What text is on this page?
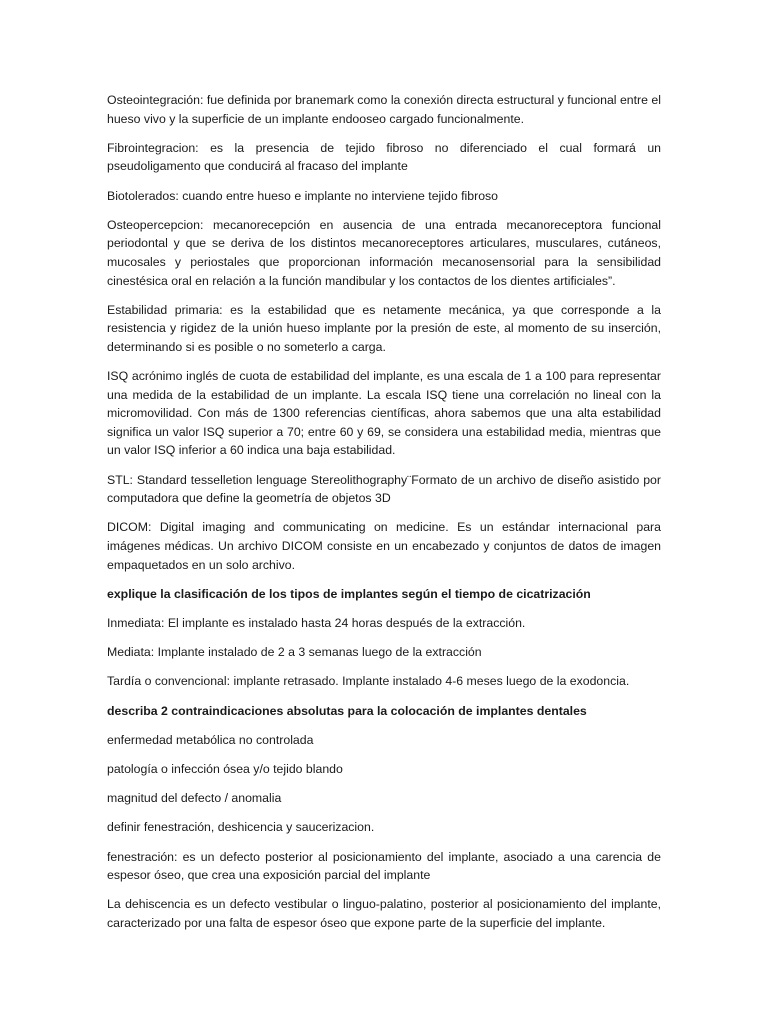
Osteointegración: fue definida por branemark como la conexión directa estructural y funcional entre el hueso vivo y la superficie de un implante endooseo cargado funcionalmente.

Fibrointegracion: es la presencia de tejido fibroso no diferenciado el cual formará un pseudoligamento que conducirá al fracaso del implante

Biotolerados: cuando entre hueso e implante no interviene tejido fibroso

Osteopercepcion: mecanorecepción en ausencia de una entrada mecanoreceptora funcional periodontal y que se deriva de los distintos mecanoreceptores articulares, musculares, cutáneos, mucosales y periostales que proporcionan información mecanosensorial para la sensibilidad cinestésica oral en relación a la función mandibular y los contactos de los dientes artificiales”.

Estabilidad primaria: es la estabilidad que es netamente mecánica, ya que corresponde a la resistencia y rigidez de la unión hueso implante por la presión de este, al momento de su inserción, determinando si es posible o no someterlo a carga.

ISQ acrónimo inglés de cuota de estabilidad del implante, es una escala de 1 a 100 para representar una medida de la estabilidad de un implante. La escala ISQ tiene una correlación no lineal con la micromovilidad. Con más de 1300 referencias científicas, ahora sabemos que una alta estabilidad significa un valor ISQ superior a 70; entre 60 y 69, se considera una estabilidad media, mientras que un valor ISQ inferior a 60 indica una baja estabilidad.

STL: Standard tesselletion lenguage Stereolithography¨Formato de un archivo de diseño asistido por computadora que define la geometría de objetos 3D

DICOM: Digital imaging and communicating on medicine. Es un estándar internacional para imágenes médicas. Un archivo DICOM consiste en un encabezado y conjuntos de datos de imagen empaquetados en un solo archivo.

explique la clasificación de los tipos de implantes según el tiempo de cicatrización

Inmediata: El implante es instalado hasta 24 horas después de la extracción.

Mediata: Implante instalado de 2 a 3 semanas luego de la extracción

Tardía o convencional: implante retrasado. Implante instalado 4-6 meses luego de la exodoncia.

describa 2 contraindicaciones absolutas para la colocación de implantes dentales

enfermedad metabólica no controlada

patología o infección ósea y/o tejido blando

magnitud del defecto / anomalia

definir fenestración, deshicencia y saucerizacion.

fenestración: es un defecto posterior al posicionamiento del implante, asociado a una carencia de espesor óseo, que crea una exposición parcial del implante

La dehiscencia es un defecto vestibular o linguo-palatino, posterior al posicionamiento del implante, caracterizado por una falta de espesor óseo que expone parte de la superficie del implante.
